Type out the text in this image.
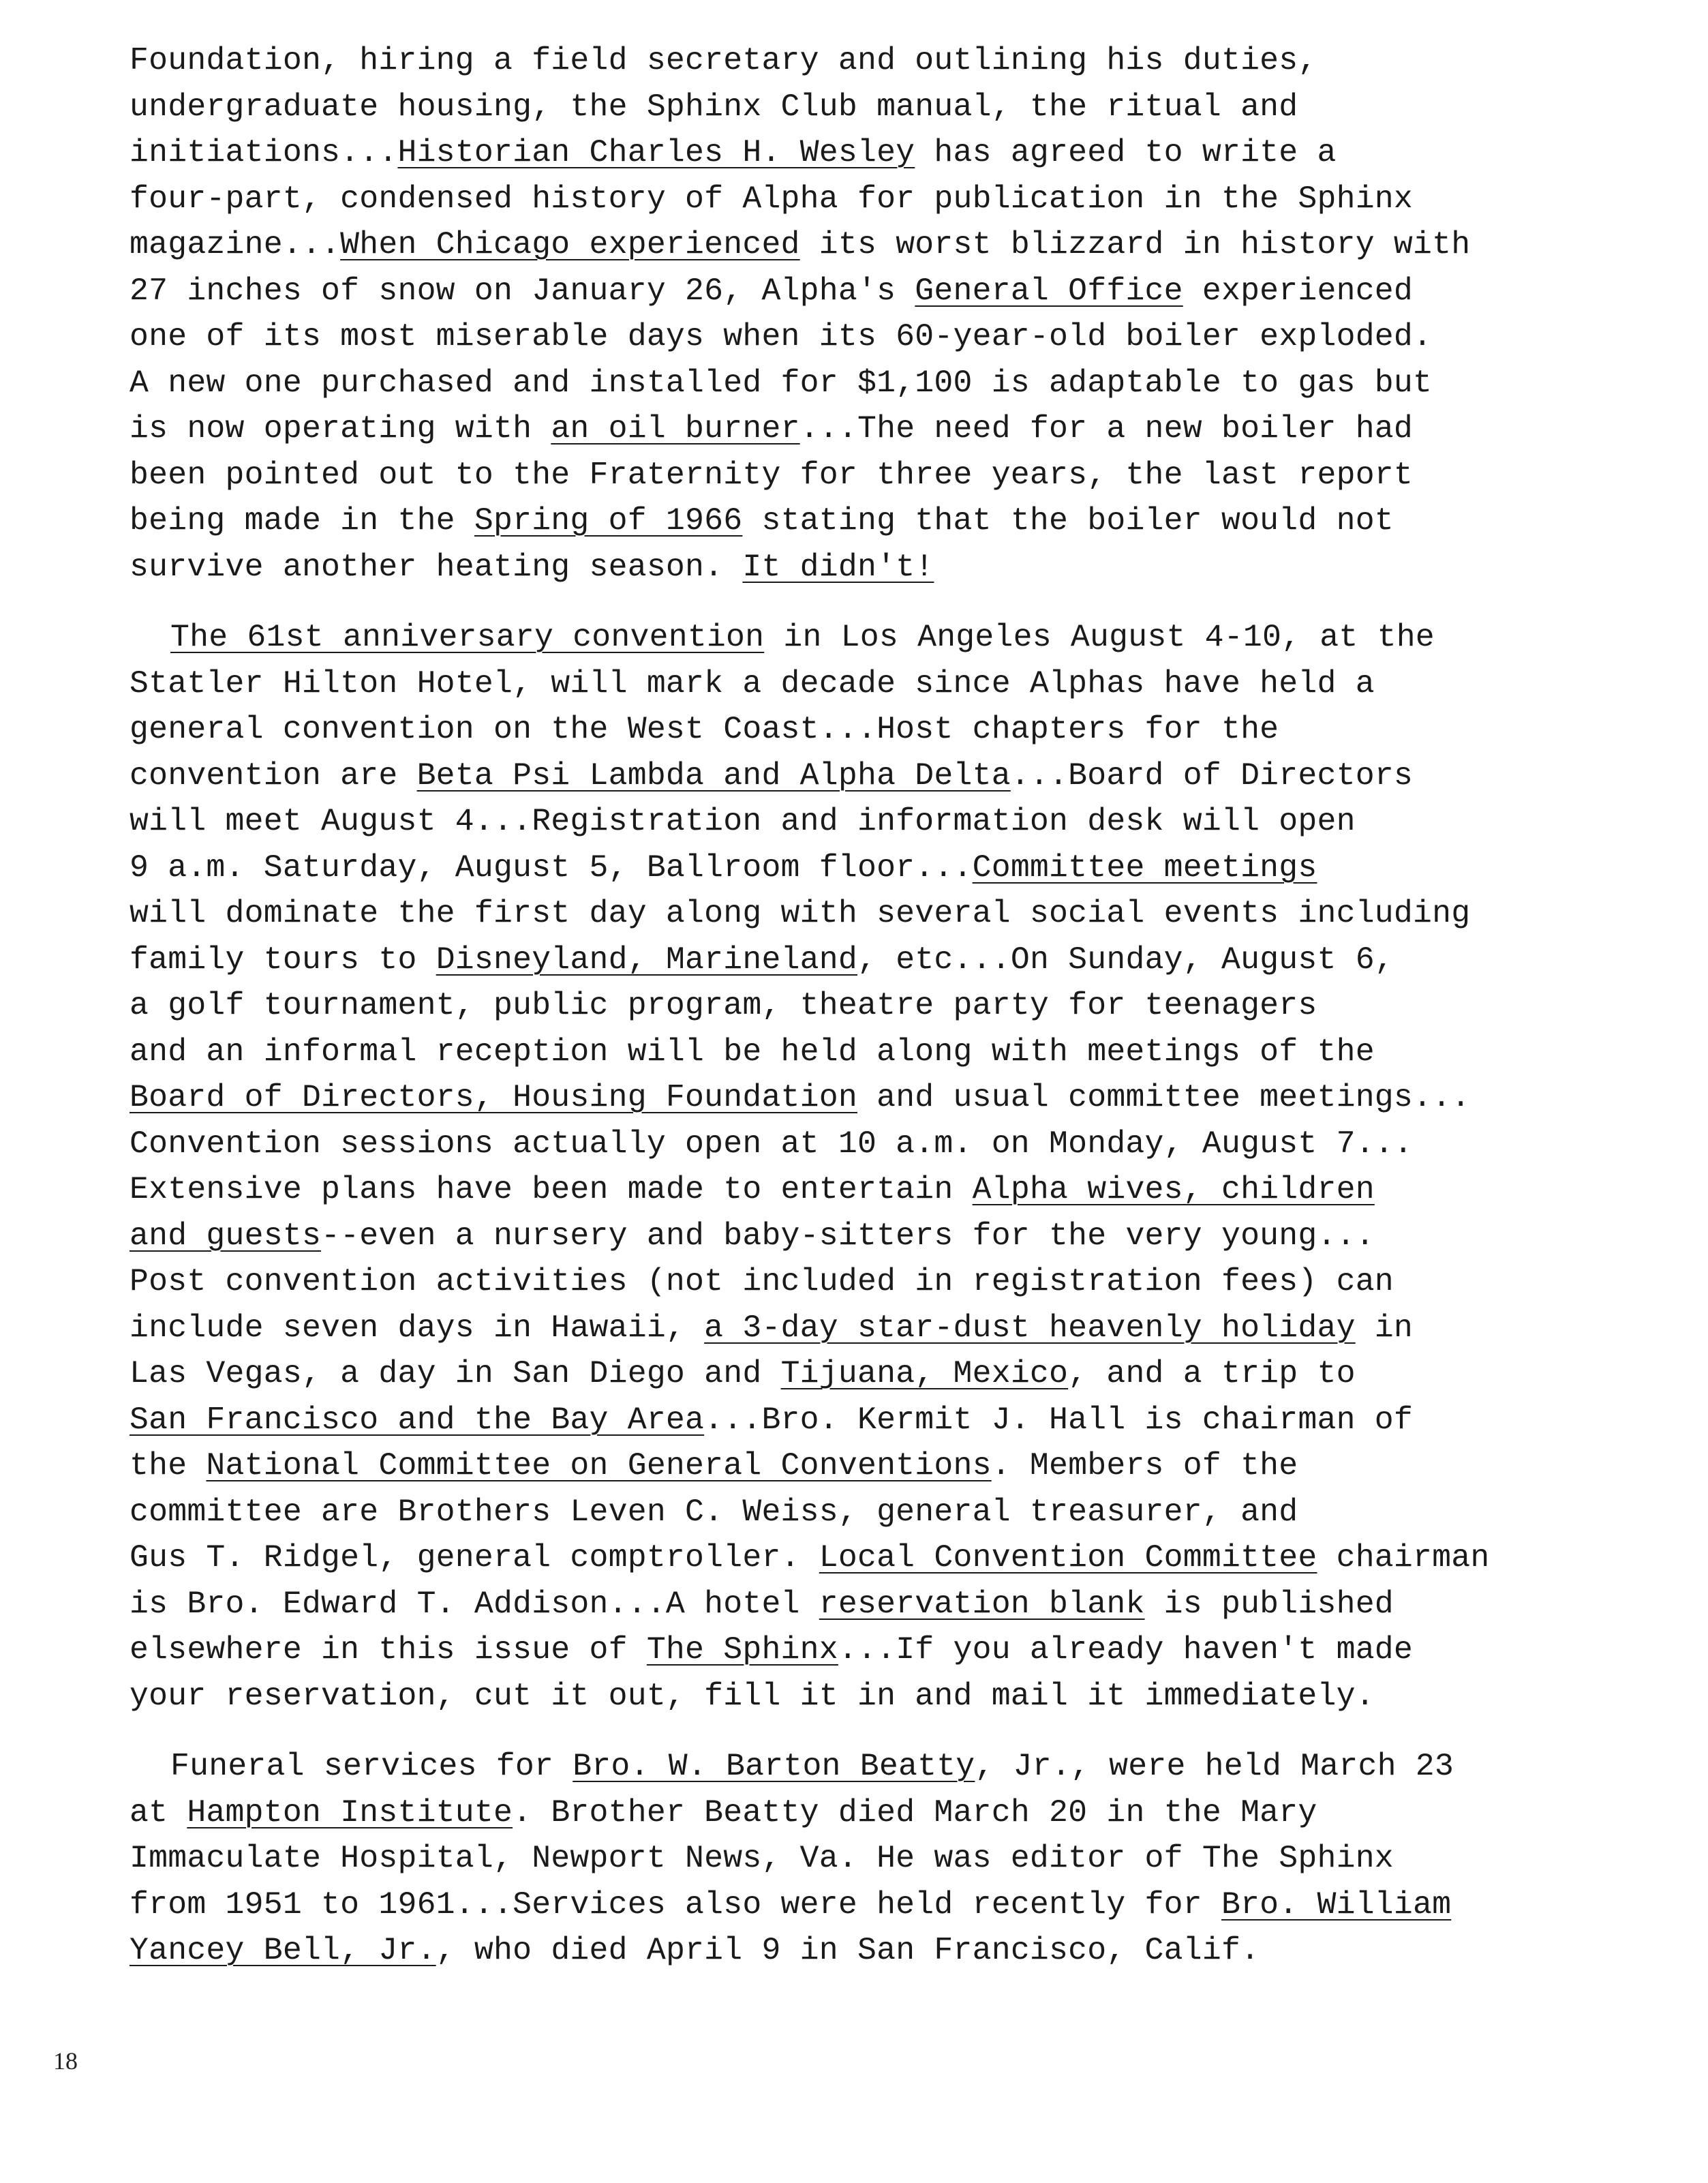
Foundation, hiring a field secretary and outlining his duties,
undergraduate housing, the Sphinx Club manual, the ritual and
initiations...Historian Charles H. Wesley has agreed to write a
four-part, condensed history of Alpha for publication in the Sphinx
magazine...When Chicago experienced its worst blizzard in history with
27 inches of snow on January 26, Alpha's General Office experienced
one of its most miserable days when its 60-year-old boiler exploded.
A new one purchased and installed for $1,100 is adaptable to gas but
is now operating with an oil burner...The need for a new boiler had
been pointed out to the Fraternity for three years, the last report
being made in the Spring of 1966 stating that the boiler would not
survive another heating season. It didn't!

The 61st anniversary convention in Los Angeles August 4-10, at the
Statler Hilton Hotel, will mark a decade since Alphas have held a
general convention on the West Coast...Host chapters for the
convention are Beta Psi Lambda and Alpha Delta...Board of Directors
will meet August 4...Registration and information desk will open
9 a.m. Saturday, August 5, Ballroom floor...Committee meetings
will dominate the first day along with several social events including
family tours to Disneyland, Marineland, etc...On Sunday, August 6,
a golf tournament, public program, theatre party for teenagers
and an informal reception will be held along with meetings of the
Board of Directors, Housing Foundation and usual committee meetings...
Convention sessions actually open at 10 a.m. on Monday, August 7...
Extensive plans have been made to entertain Alpha wives, children
and guests--even a nursery and baby-sitters for the very young...
Post convention activities (not included in registration fees) can
include seven days in Hawaii, a 3-day star-dust heavenly holiday in
Las Vegas, a day in San Diego and Tijuana, Mexico, and a trip to
San Francisco and the Bay Area...Bro. Kermit J. Hall is chairman of
the National Committee on General Conventions. Members of the
committee are Brothers Leven C. Weiss, general treasurer, and
Gus T. Ridgel, general comptroller. Local Convention Committee chairman
is Bro. Edward T. Addison...A hotel reservation blank is published
elsewhere in this issue of The Sphinx...If you already haven't made
your reservation, cut it out, fill it in and mail it immediately.

Funeral services for Bro. W. Barton Beatty, Jr., were held March 23
at Hampton Institute. Brother Beatty died March 20 in the Mary
Immaculate Hospital, Newport News, Va. He was editor of The Sphinx
from 1951 to 1961...Services also were held recently for Bro. William
Yancey Bell, Jr., who died April 9 in San Francisco, Calif.

18
